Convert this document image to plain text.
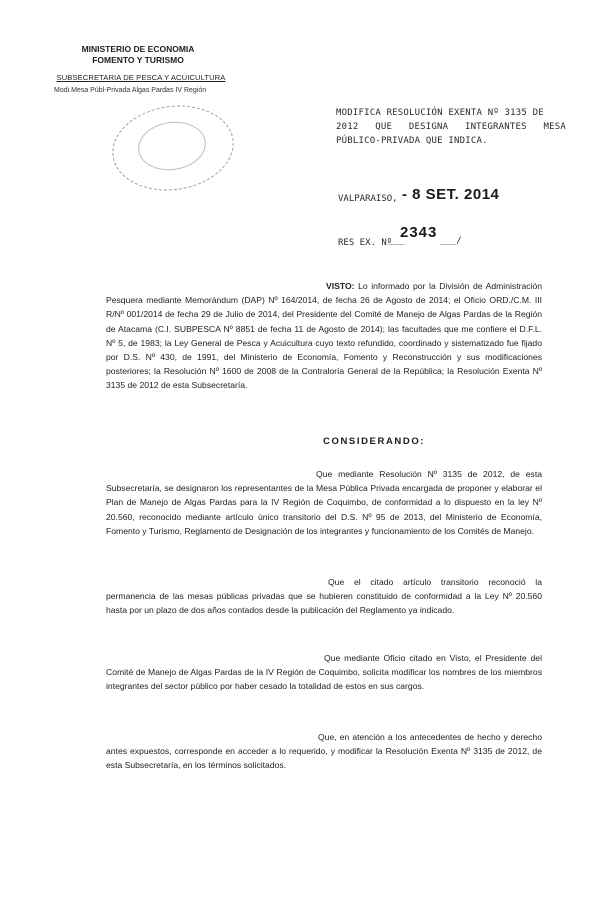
MINISTERIO DE ECONOMIA
FOMENTO Y TURISMO
SUBSECRETARIA DE PESCA Y ACUICULTURA
Modi.Mesa Públ-Privada Algas Pardas IV Región
MODIFICA RESOLUCIÓN EXENTA Nº 3135 DE
2012 QUE DESIGNA INTEGRANTES MESA
PÚBLICO-PRIVADA QUE INDICA.
VALPARAISO, - 8 SET. 2014
RES EX. Nº
___
2343 ___/
VISTO: Lo informado por la División de Administración Pesquera mediante Memorándum (DAP) Nº 164/2014, de fecha 26 de Agosto de 2014; el Oficio ORD./C.M. III R/Nº 001/2014 de fecha 29 de Julio de 2014, del Presidente del Comité de Manejo de Algas Pardas de la Región de Atacama (C.I. SUBPESCA Nº 8851 de fecha 11 de Agosto de 2014); las facultades que me confiere el D.F.L. Nº 5, de 1983; la Ley General de Pesca y Acuicultura cuyo texto refundido, coordinado y sistematizado fue fijado por D.S. Nº 430, de 1991, del Ministerio de Economía, Fomento y Reconstrucción y sus modificaciones posteriores; la Resolución Nº 1600 de 2008 de la Contraloría General de la República; la Resolución Exenta Nº 3135 de 2012 de esta Subsecretaría.
CONSIDERANDO:
Que mediante Resolución Nº 3135 de 2012, de esta Subsecretaría, se designaron los representantes de la Mesa Pública Privada encargada de proponer y elaborar el Plan de Manejo de Algas Pardas para la IV Región de Coquimbo, de conformidad a lo dispuesto en la ley Nº 20.560, reconocido mediante artículo único transitorio del D.S. Nº 95 de 2013, del Ministerio de Economía, Fomento y Turismo, Reglamento de Designación de los integrantes y funcionamiento de los Comités de Manejo.
Que el citado artículo transitorio reconoció la permanencia de las mesas públicas privadas que se hubieren constituido de conformidad a la Ley Nº 20.560 hasta por un plazo de dos años contados desde la publicación del Reglamento ya indicado.
Que mediante Oficio citado en Visto, el Presidente del Comité de Manejo de Algas Pardas de la IV Región de Coquimbo, solicita modificar los nombres de los miembros integrantes del sector público por haber cesado la totalidad de estos en sus cargos.
Que, en atención a los antecedentes de hecho y derecho antes expuestos, corresponde en acceder a lo requerido, y modificar la Resolución Exenta Nº 3135 de 2012, de esta Subsecretaría, en los términos solicitados.
